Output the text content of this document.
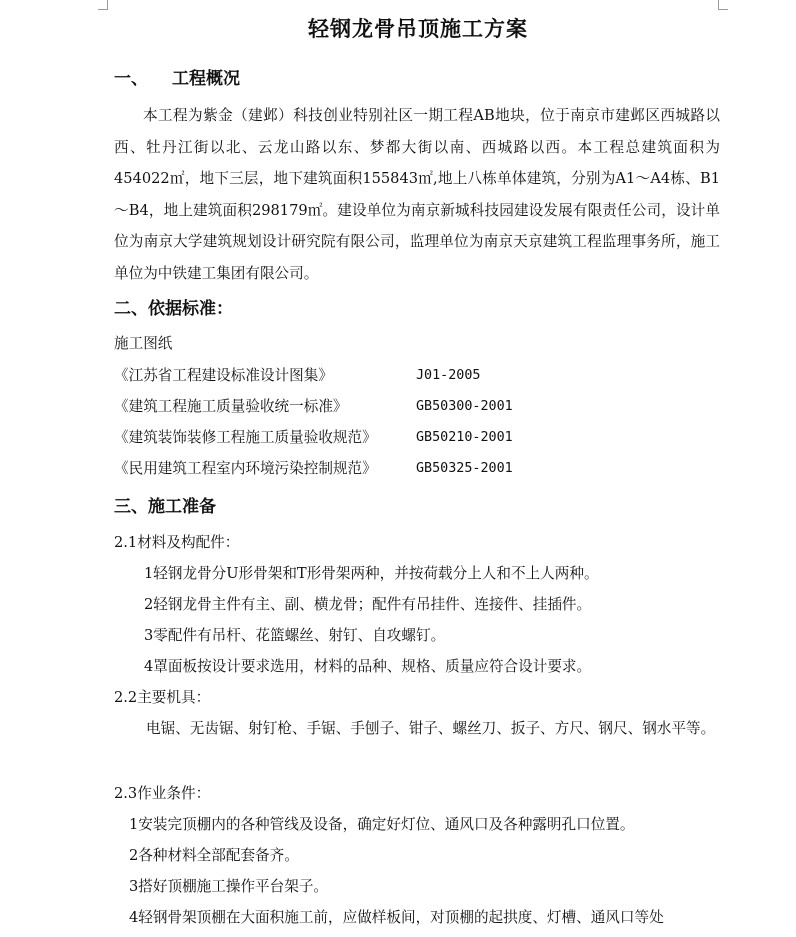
轻钢龙骨吊顶施工方案
一、 工程概况
本工程为紫金（建邺）科技创业特别社区一期工程AB地块，位于南京市建邺区西城路以西、牡丹江街以北、云龙山路以东、梦都大街以南、西城路以西。本工程总建筑面积为454022㎡，地下三层，地下建筑面积155843㎡,地上八栋单体建筑，分别为A1～A4栋、B1～B4，地上建筑面积298179㎡。建设单位为南京新城科技园建设发展有限责任公司，设计单位为南京大学建筑规划设计研究院有限公司，监理单位为南京天京建筑工程监理事务所，施工单位为中铁建工集团有限公司。
二、依据标准：
施工图纸
《江苏省工程建设标准设计图集》	J01-2005
《建筑工程施工质量验收统一标准》	GB50300-2001
《建筑装饰装修工程施工质量验收规范》	GB50210-2001
《民用建筑工程室内环境污染控制规范》	GB50325-2001
三、施工准备
2.1材料及构配件：
1轻钢龙骨分U形骨架和T形骨架两种，并按荷载分上人和不上人两种。
2轻钢龙骨主件有主、副、横龙骨；配件有吊挂件、连接件、挂插件。
3零配件有吊杆、花篮螺丝、射钉、自攻螺钉。
4罩面板按设计要求选用，材料的品种、规格、质量应符合设计要求。
2.2主要机具：
电锯、无齿锯、射钉枪、手锯、手刨子、钳子、螺丝刀、扳子、方尺、钢尺、钢水平等。
2.3作业条件：
1安装完顶棚内的各种管线及设备，确定好灯位、通风口及各种露明孔口位置。
2各种材料全部配套备齐。
3搭好顶棚施工操作平台架子。
4轻钢骨架顶棚在大面积施工前，应做样板间，对顶棚的起拱度、灯槽、通风口等处
